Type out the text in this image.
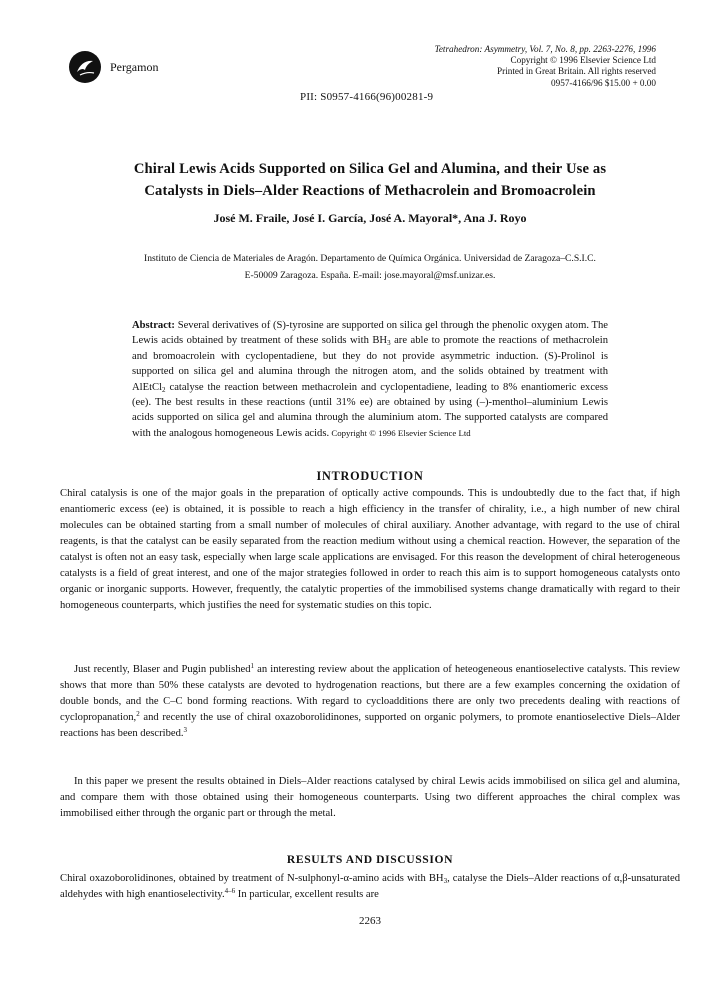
Pergamon
Tetrahedron: Asymmetry, Vol. 7, No. 8, pp. 2263-2276, 1996
Copyright © 1996 Elsevier Science Ltd
Printed in Great Britain. All rights reserved
0957-4166/96 $15.00 + 0.00
PII: S0957-4166(96)00281-9
Chiral Lewis Acids Supported on Silica Gel and Alumina, and their Use as
Catalysts in Diels–Alder Reactions of Methacrolein and Bromoacrolein
José M. Fraile, José I. García, José A. Mayoral*, Ana J. Royo
Instituto de Ciencia de Materiales de Aragón. Departamento de Química Orgánica. Universidad de Zaragoza–C.S.I.C.
E-50009 Zaragoza. España. E-mail: jose.mayoral@msf.unizar.es.
Abstract: Several derivatives of (S)-tyrosine are supported on silica gel through the phenolic oxygen atom. The Lewis acids obtained by treatment of these solids with $BH_3$ are able to promote the reactions of methacrolein and bromoacrolein with cyclopentadiene, but they do not provide asymmetric induction. (S)-Prolinol is supported on silica gel and alumina through the nitrogen atom, and the solids obtained by treatment with AlEtCl$_2$ catalyse the reaction between methacrolein and cyclopentadiene, leading to 8% enantiomeric excess (ee). The best results in these reactions (until 31% ee) are obtained by using (–)-menthol–aluminium Lewis acids supported on silica gel and alumina through the aluminium atom. The supported catalysts are compared with the analogous homogeneous Lewis acids. Copyright © 1996 Elsevier Science Ltd
INTRODUCTION
Chiral catalysis is one of the major goals in the preparation of optically active compounds. This is undoubtedly due to the fact that, if high enantiomeric excess (ee) is obtained, it is possible to reach a high efficiency in the transfer of chirality, i.e., a high number of new chiral molecules can be obtained starting from a small number of molecules of chiral auxiliary. Another advantage, with regard to the use of chiral reagents, is that the catalyst can be easily separated from the reaction medium without using a chemical reaction. However, the separation of the catalyst is often not an easy task, especially when large scale applications are envisaged. For this reason the development of chiral heterogeneous catalysts is a field of great interest, and one of the major strategies followed in order to reach this aim is to support homogeneous catalysts onto organic or inorganic supports. However, frequently, the catalytic properties of the immobilised systems change dramatically with regard to their homogeneous counterparts, which justifies the need for systematic studies on this topic.
Just recently, Blaser and Pugin published$^1$ an interesting review about the application of heteogeneous enantioselective catalysts. This review shows that more than 50% these catalysts are devoted to hydrogenation reactions, but there are a few examples concerning the oxidation of double bonds, and the C–C bond forming reactions. With regard to cycloadditions there are only two precedents dealing with reactions of cyclopropanation,$^2$ and recently the use of chiral oxazoborolidinones, supported on organic polymers, to promote enantioselective Diels–Alder reactions has been described.$^3$
In this paper we present the results obtained in Diels–Alder reactions catalysed by chiral Lewis acids immobilised on silica gel and alumina, and compare them with those obtained using their homogeneous counterparts. Using two different approaches the chiral complex was immobilised either through the organic part or through the metal.
RESULTS AND DISCUSSION
Chiral oxazoborolidinones, obtained by treatment of N-sulphonyl-α-amino acids with $BH_3$, catalyse the Diels–Alder reactions of α,β-unsaturated aldehydes with high enantioselectivity.$^{4-6}$ In particular, excellent results are
2263
